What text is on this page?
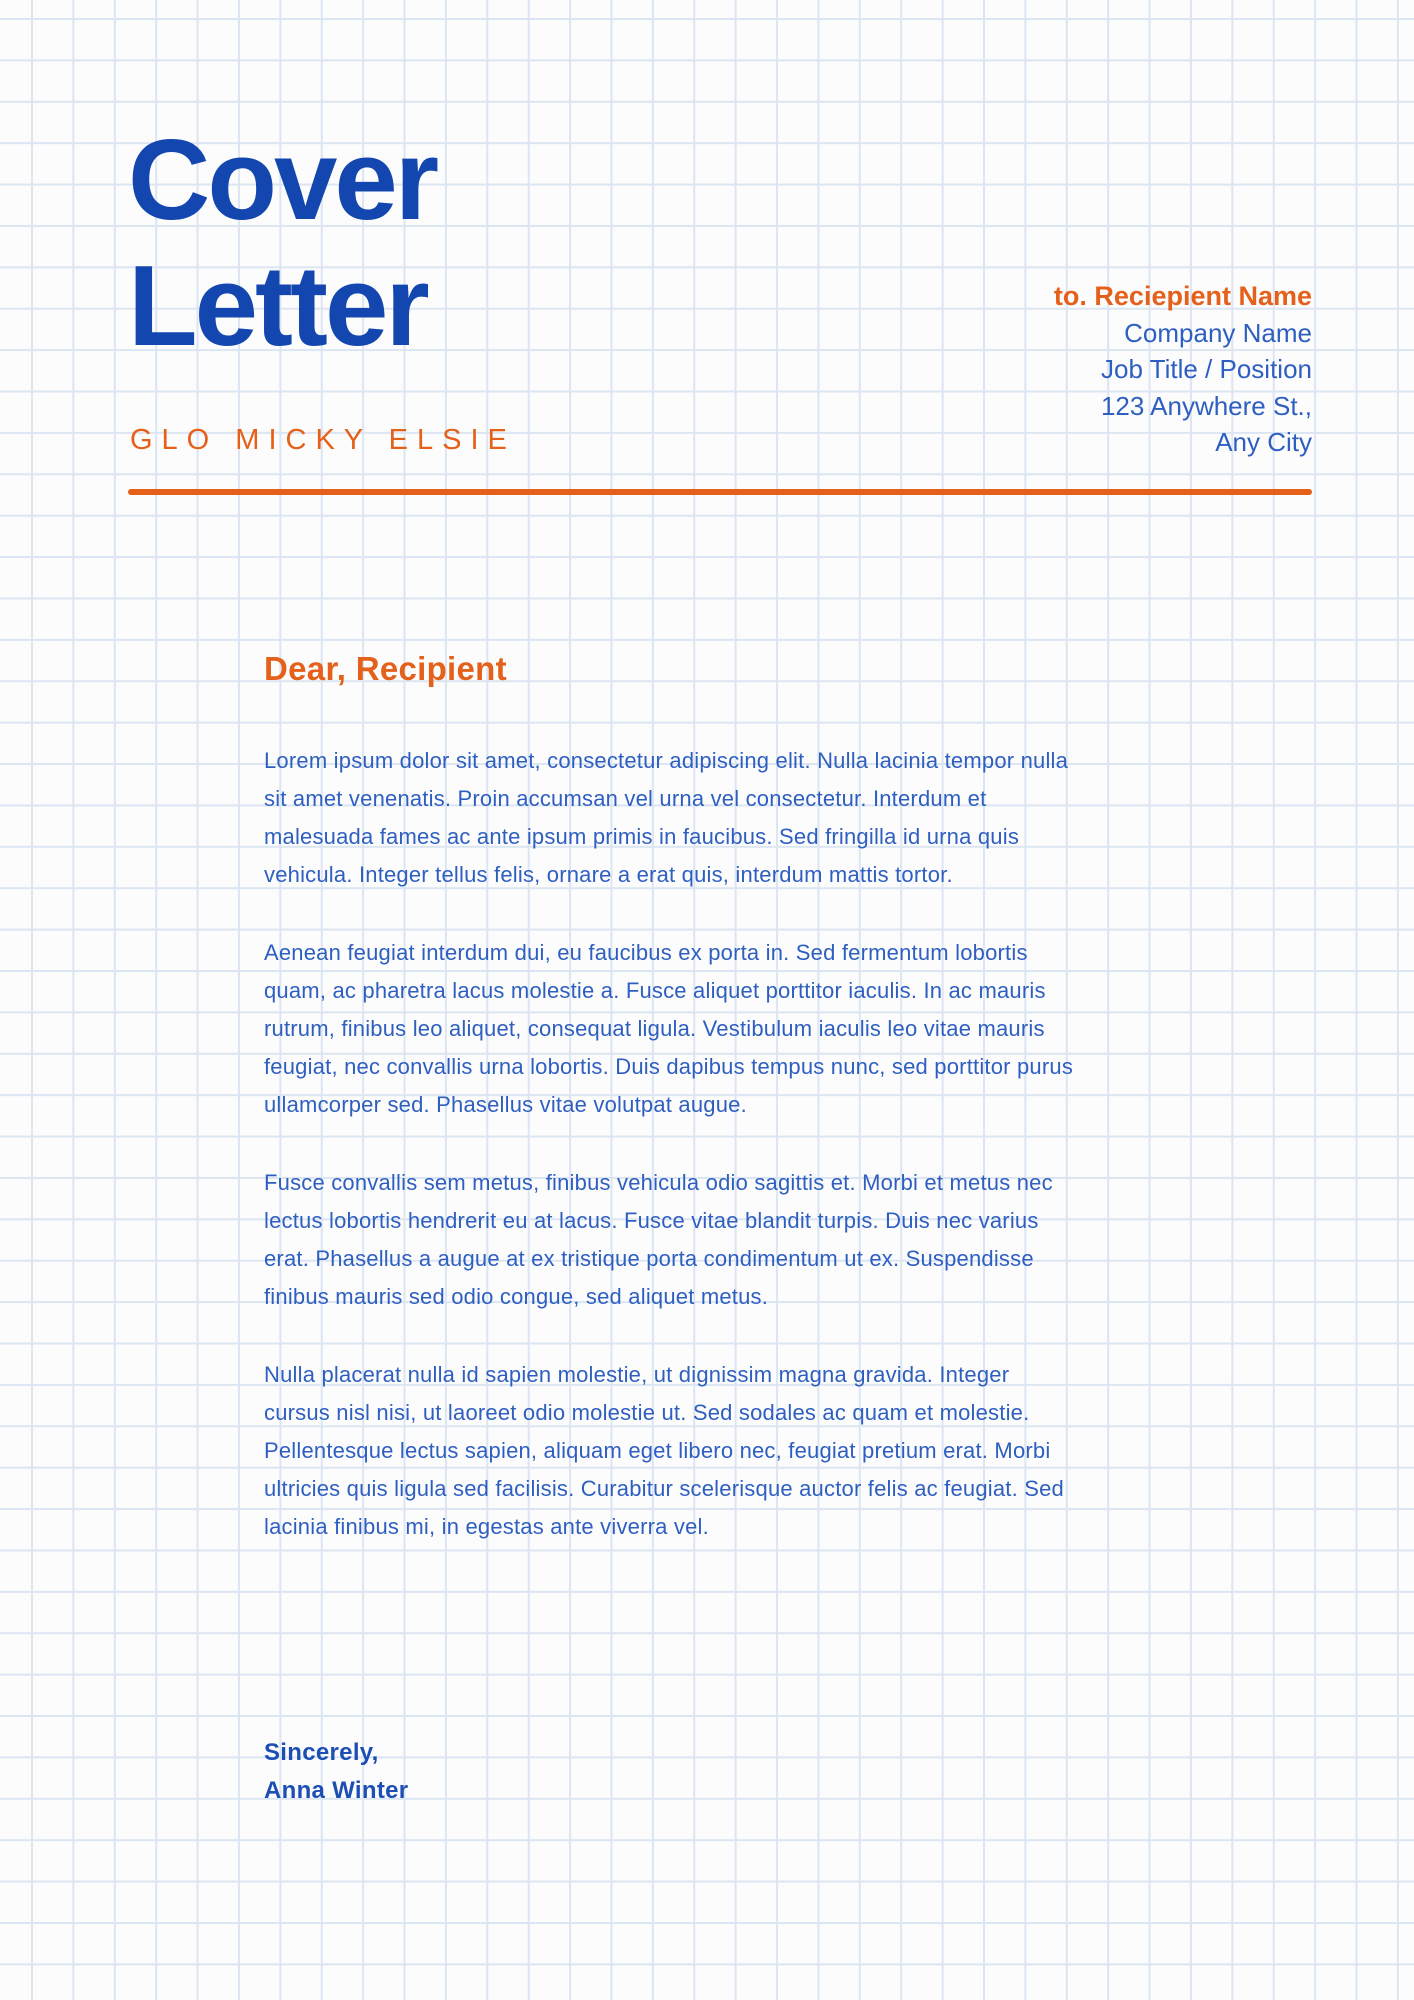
Cover
Letter
GLO MICKY ELSIE
to. Reciepient Name
Company Name
Job Title / Position
123 Anywhere St.,
Any City
Dear, Recipient

Lorem ipsum dolor sit amet, consectetur adipiscing elit. Nulla lacinia tempor nulla sit amet venenatis. Proin accumsan vel urna vel consectetur. Interdum et malesuada fames ac ante ipsum primis in faucibus. Sed fringilla id urna quis vehicula. Integer tellus felis, ornare a erat quis, interdum mattis tortor.

Aenean feugiat interdum dui, eu faucibus ex porta in. Sed fermentum lobortis quam, ac pharetra lacus molestie a. Fusce aliquet porttitor iaculis. In ac mauris rutrum, finibus leo aliquet, consequat ligula. Vestibulum iaculis leo vitae mauris feugiat, nec convallis urna lobortis. Duis dapibus tempus nunc, sed porttitor purus ullamcorper sed. Phasellus vitae volutpat augue.

Fusce convallis sem metus, finibus vehicula odio sagittis et. Morbi et metus nec lectus lobortis hendrerit eu at lacus. Fusce vitae blandit turpis. Duis nec varius erat. Phasellus a augue at ex tristique porta condimentum ut ex. Suspendisse finibus mauris sed odio congue, sed aliquet metus.

Nulla placerat nulla id sapien molestie, ut dignissim magna gravida. Integer cursus nisl nisi, ut laoreet odio molestie ut. Sed sodales ac quam et molestie. Pellentesque lectus sapien, aliquam eget libero nec, feugiat pretium erat. Morbi ultricies quis ligula sed facilisis. Curabitur scelerisque auctor felis ac feugiat. Sed lacinia finibus mi, in egestas ante viverra vel.

Sincerely,
Anna Winter
